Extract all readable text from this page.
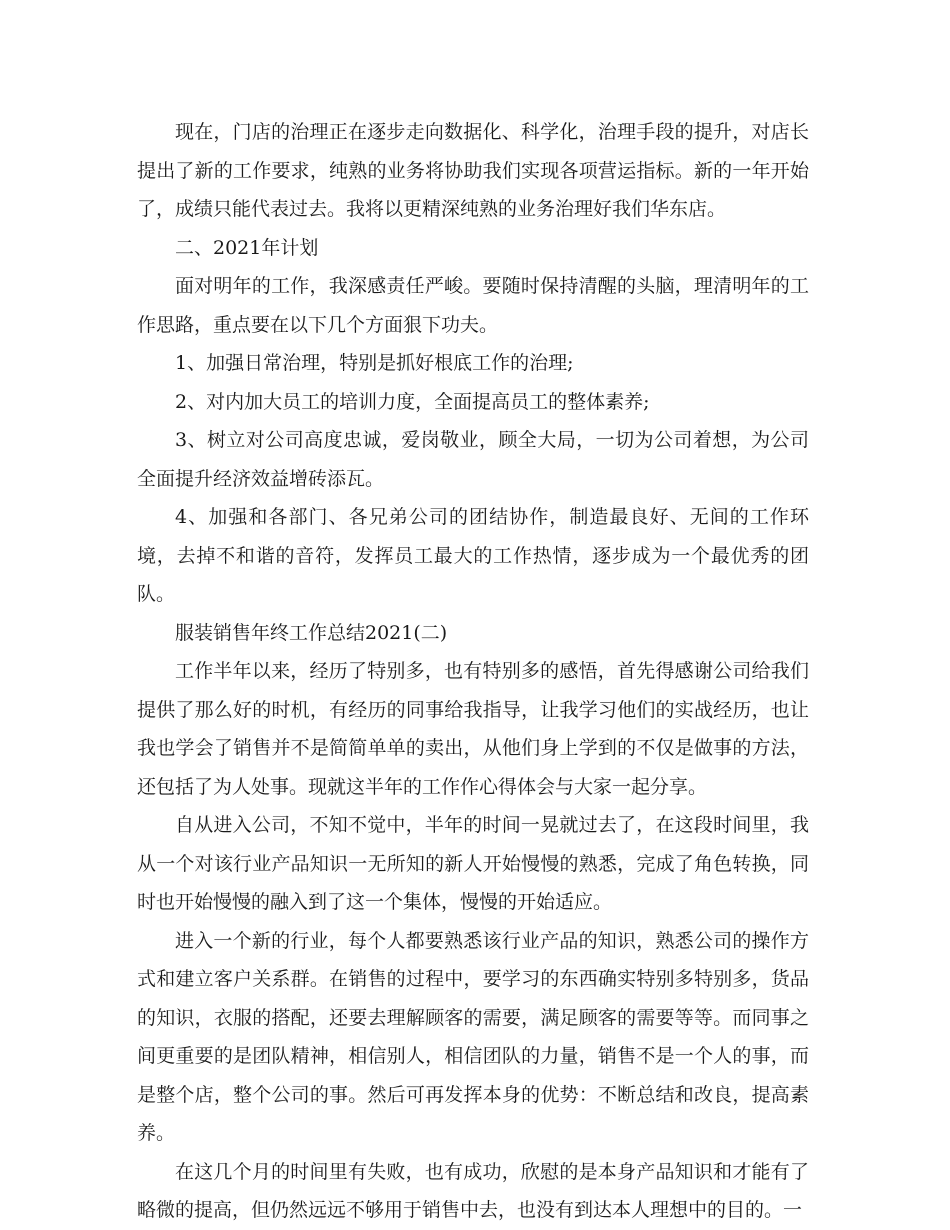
现在，门店的治理正在逐步走向数据化、科学化，治理手段的提升，对店长提出了新的工作要求，纯熟的业务将协助我们实现各项营运指标。新的一年开始了，成绩只能代表过去。我将以更精深纯熟的业务治理好我们华东店。

二、2021年计划

面对明年的工作，我深感责任严峻。要随时保持清醒的头脑，理清明年的工作思路，重点要在以下几个方面狠下功夫。

1、加强日常治理，特别是抓好根底工作的治理;

2、对内加大员工的培训力度，全面提高员工的整体素养;

3、树立对公司高度忠诚，爱岗敬业，顾全大局，一切为公司着想，为公司全面提升经济效益增砖添瓦。

4、加强和各部门、各兄弟公司的团结协作，制造最良好、无间的工作环境，去掉不和谐的音符，发挥员工最大的工作热情，逐步成为一个最优秀的团队。

服装销售年终工作总结2021(二)

工作半年以来，经历了特别多，也有特别多的感悟，首先得感谢公司给我们提供了那么好的时机，有经历的同事给我指导，让我学习他们的实战经历，也让我也学会了销售并不是简简单单的卖出，从他们身上学到的不仅是做事的方法，还包括了为人处事。现就这半年的工作作心得体会与大家一起分享。

自从进入公司，不知不觉中，半年的时间一晃就过去了，在这段时间里，我从一个对该行业产品知识一无所知的新人开始慢慢的熟悉，完成了角色转换，同时也开始慢慢的融入到了这一个集体，慢慢的开始适应。

进入一个新的行业，每个人都要熟悉该行业产品的知识，熟悉公司的操作方式和建立客户关系群。在销售的过程中，要学习的东西确实特别多特别多，货品的知识，衣服的搭配，还要去理解顾客的需要，满足顾客的需要等等。而同事之间更重要的是团队精神，相信别人，相信团队的力量，销售不是一个人的事，而是整个店，整个公司的事。然后可再发挥本身的优势：不断总结和改良，提高素养。

在这几个月的时间里有失败，也有成功，欣慰的是本身产品知识和才能有了略微的提高，但仍然远远不够用于销售中去，也没有到达本人理想中的目的。一
